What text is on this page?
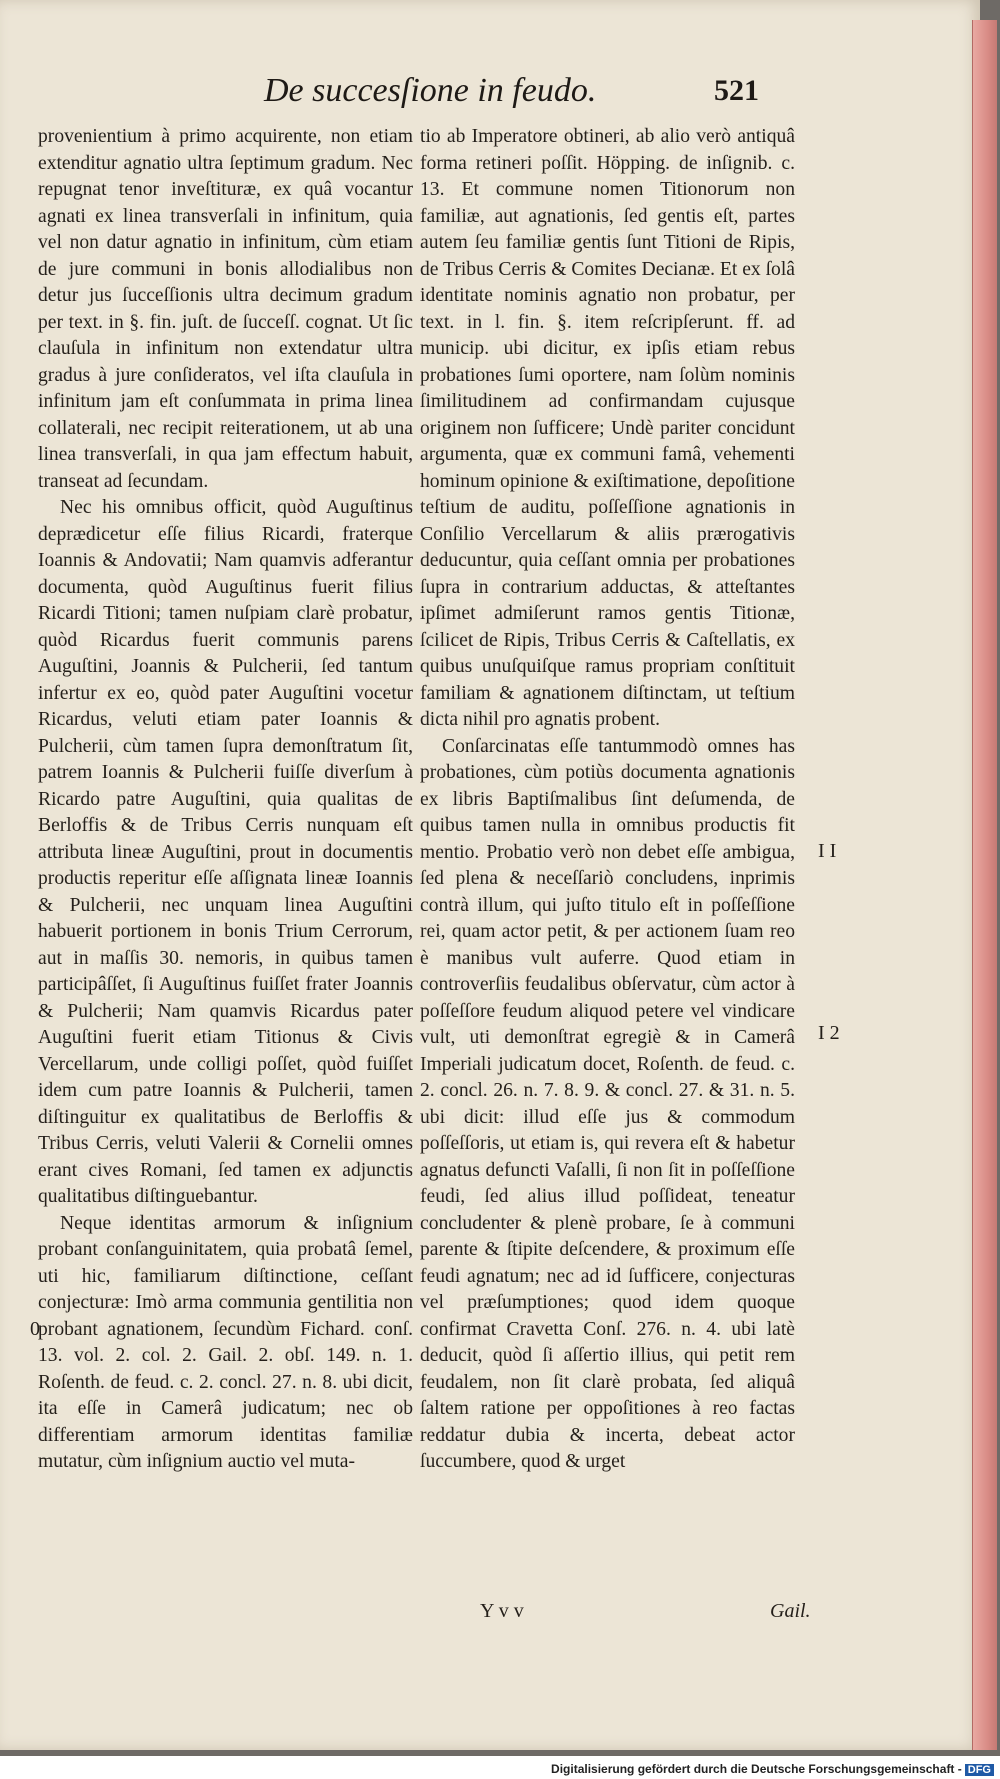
De succesſione in feudo.	521

provenientium à primo acquirente, non etiam extenditur agnatio ultra ſeptimum gradum. Nec repugnat tenor inveſtituræ, ex quâ vocantur agnati ex linea transverſali in infinitum, quia vel non datur agnatio in infinitum, cùm etiam de jure communi in bonis allodialibus non detur jus ſucceſſionis ultra decimum gradum per text. in §. fin. juſt. de ſucceſſ. cognat. Ut ſic clauſula in infinitum non extendatur ultra gradus à jure conſideratos, vel iſta clauſula in infinitum jam eſt conſummata in prima linea collaterali, nec recipit reiterationem, ut ab una linea transverſali, in qua jam effectum habuit, transeat ad ſecundam.

Nec his omnibus officit, quòd Auguſtinus deprædicetur eſſe filius Ricardi, fraterque Ioannis & Andovatii; Nam quamvis adferantur documenta, quòd Auguſtinus fuerit filius Ricardi Titioni; tamen nuſpiam clarè probatur, quòd Ricardus fuerit communis parens Auguſtini, Joannis & Pulcherii, ſed tantum infertur ex eo, quòd pater Auguſtini vocetur Ricardus, veluti etiam pater Ioannis & Pulcherii, cùm tamen ſupra demonſtratum ſit, patrem Ioannis & Pulcherii fuiſſe diverſum à Ricardo patre Auguſtini, quia qualitas de Berloffis & de Tribus Cerris nunquam eſt attributa lineæ Auguſtini, prout in documentis productis reperitur eſſe aſſignata lineæ Ioannis & Pulcherii, nec unquam linea Auguſtini habuerit portionem in bonis Trium Cerrorum, aut in maſſis 30. nemoris, in quibus tamen participâſſet, ſi Auguſtinus fuiſſet frater Joannis & Pulcherii; Nam quamvis Ricardus pater Auguſtini fuerit etiam Titionus & Civis Vercellarum, unde colligi poſſet, quòd fuiſſet idem cum patre Ioannis & Pulcherii, tamen diſtinguitur ex qualitatibus de Berloffis & Tribus Cerris, veluti Valerii & Cornelii omnes erant cives Romani, ſed tamen ex adjunctis qualitatibus diſtinguebantur.

Neque identitas armorum & inſignium probant conſanguinitatem, quia probatâ ſemel, uti hic, familiarum diſtinctione, ceſſant conjecturæ: Imò arma communia gentilitia non probant agnationem, ſecundùm Fichard. conſ. 13. vol. 2. col. 2. Gail. 2. obſ. 149. n. 1. Roſenth. de feud. c. 2. concl. 27. n. 8. ubi dicit, ita eſſe in Camerâ judicatum; nec ob differentiam armorum identitas familiæ mutatur, cùm inſignium auctio vel muta-

tio ab Imperatore obtineri, ab alio verò antiquâ forma retineri poſſit. Höpping. de inſignib. c. 13. Et commune nomen Titionorum non familiæ, aut agnationis, ſed gentis eſt, partes autem ſeu familiæ gentis ſunt Titioni de Ripis, de Tribus Cerris & Comites Decianæ. Et ex ſolâ identitate nominis agnatio non probatur, per text. in l. fin. §. item reſcripſerunt. ff. ad municip. ubi dicitur, ex ipſis etiam rebus probationes ſumi oportere, nam ſolùm nominis ſimilitudinem ad confirmandam cujusque originem non ſufficere; Undè pariter concidunt argumenta, quæ ex communi famâ, vehementi hominum opinione & exiſtimatione, depoſitione teſtium de auditu, poſſeſſione agnationis in Conſilio Vercellarum & aliis prærogativis deducuntur, quia ceſſant omnia per probationes ſupra in contrarium adductas, & atteſtantes ipſimet admiſerunt ramos gentis Titionæ, ſcilicet de Ripis, Tribus Cerris & Caſtellatis, ex quibus unuſquiſque ramus propriam conſtituit familiam & agnationem diſtinctam, ut teſtium dicta nihil pro agnatis probent.

Conſarcinatas eſſe tantummodò omnes has probationes, cùm potiùs documenta agnationis ex libris Baptiſmalibus ſint deſumenda, de quibus tamen nulla in omnibus productis fit mentio. Probatio verò non debet eſſe ambigua, ſed plena & neceſſariò concludens, inprimis contrà illum, qui juſto titulo eſt in poſſeſſione rei, quam actor petit, & per actionem ſuam reo è manibus vult auferre. Quod etiam in controverſiis feudalibus obſervatur, cùm actor à poſſeſſore feudum aliquod petere vel vindicare vult, uti demonſtrat egregiè & in Camerâ Imperiali judicatum docet, Roſenth. de feud. c. 2. concl. 26. n. 7. 8. 9. & concl. 27. & 31. n. 5. ubi dicit: illud eſſe jus & commodum poſſeſſoris, ut etiam is, qui revera eſt & habetur agnatus defuncti Vaſalli, ſi non ſit in poſſeſſione feudi, ſed alius illud poſſideat, teneatur concludenter & plenè probare, ſe à communi parente & ſtipite deſcendere, & proximum eſſe feudi agnatum; nec ad id ſufficere, conjecturas vel præſumptiones; quod idem quoque confirmat Cravetta Conſ. 276. n. 4. ubi latè deducit, quòd ſi aſſertio illius, qui petit rem feudalem, non ſit clarè probata, ſed aliquâ ſaltem ratione per oppoſitiones à reo factas reddatur dubia & incerta, debeat actor ſuccumbere, quod & urget

0
I I
I 2
Y v v	Gail.
Digitalisierung gefördert durch die Deutsche Forschungsgemeinschaft - DFG
